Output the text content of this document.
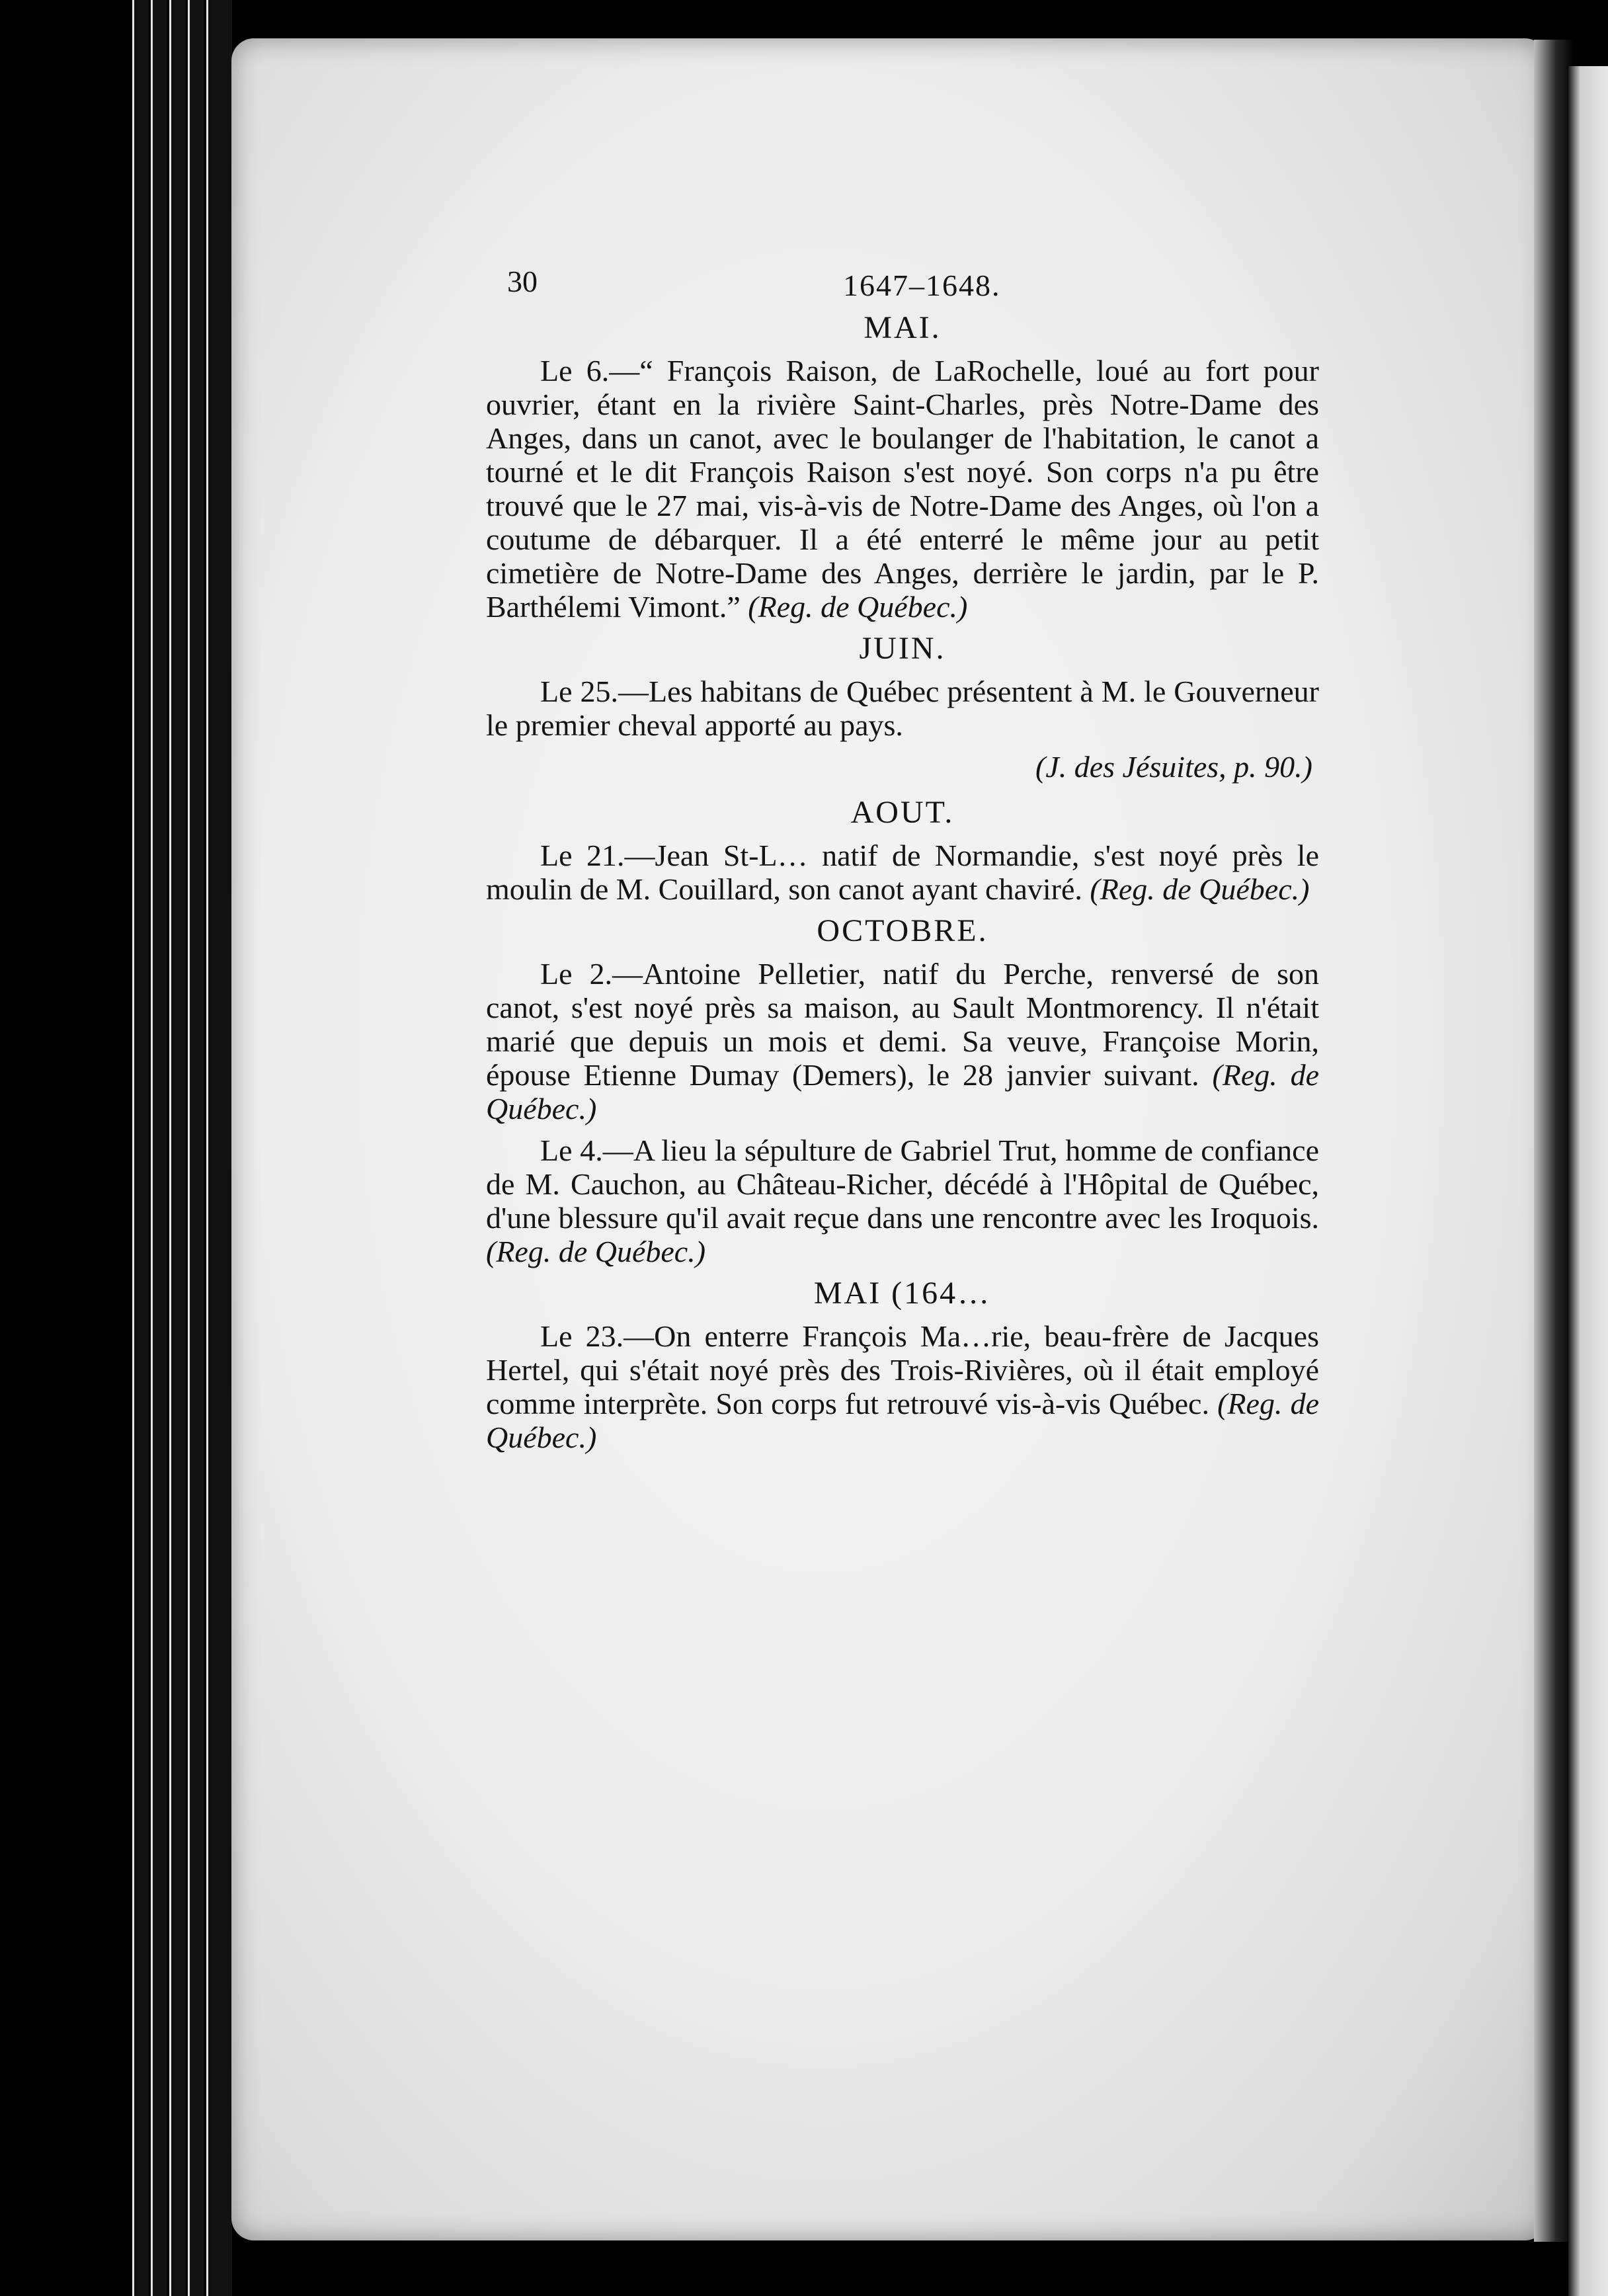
30	1647–1648.
MAI.

Le 6.—“ François Raison, de LaRochelle, loué au fort pour ouvrier, étant en la rivière Saint-Charles, près Notre-Dame des Anges, dans un canot, avec le boulanger de l'habitation, le canot a tourné et le dit François Raison s'est noyé. Son corps n'a pu être trouvé que le 27 mai, vis-à-vis de Notre-Dame des Anges, où l'on a coutume de débarquer. Il a été enterré le même jour au petit cimetière de Notre-Dame des Anges, derrière le jardin, par le P. Barthélemi Vimont.” (Reg. de Québec.)

JUIN.

Le 25.—Les habitans de Québec présentent à M. le Gouverneur le premier cheval apporté au pays.

(J. des Jésuites, p. 90.)
AOUT.

Le 21.—Jean St-L… natif de Normandie, s'est noyé près le moulin de M. Couillard, son canot ayant chaviré. (Reg. de Québec.)

OCTOBRE.

Le 2.—Antoine Pelletier, natif du Perche, renversé de son canot, s'est noyé près sa maison, au Sault Montmorency. Il n'était marié que depuis un mois et demi. Sa veuve, Françoise Morin, épouse Etienne Dumay (Demers), le 28 janvier suivant. (Reg. de Québec.)

Le 4.—A lieu la sépulture de Gabriel Trut, homme de confiance de M. Cauchon, au Château-Richer, décédé à l'Hôpital de Québec, d'une blessure qu'il avait reçue dans une rencontre avec les Iroquois. (Reg. de Québec.)

MAI (164…

Le 23.—On enterre François Ma…rie, beau-frère de Jacques Hertel, qui s'était noyé près des Trois-Rivières, où il était employé comme interprète. Son corps fut retrouvé vis-à-vis Québec. (Reg. de Québec.)
